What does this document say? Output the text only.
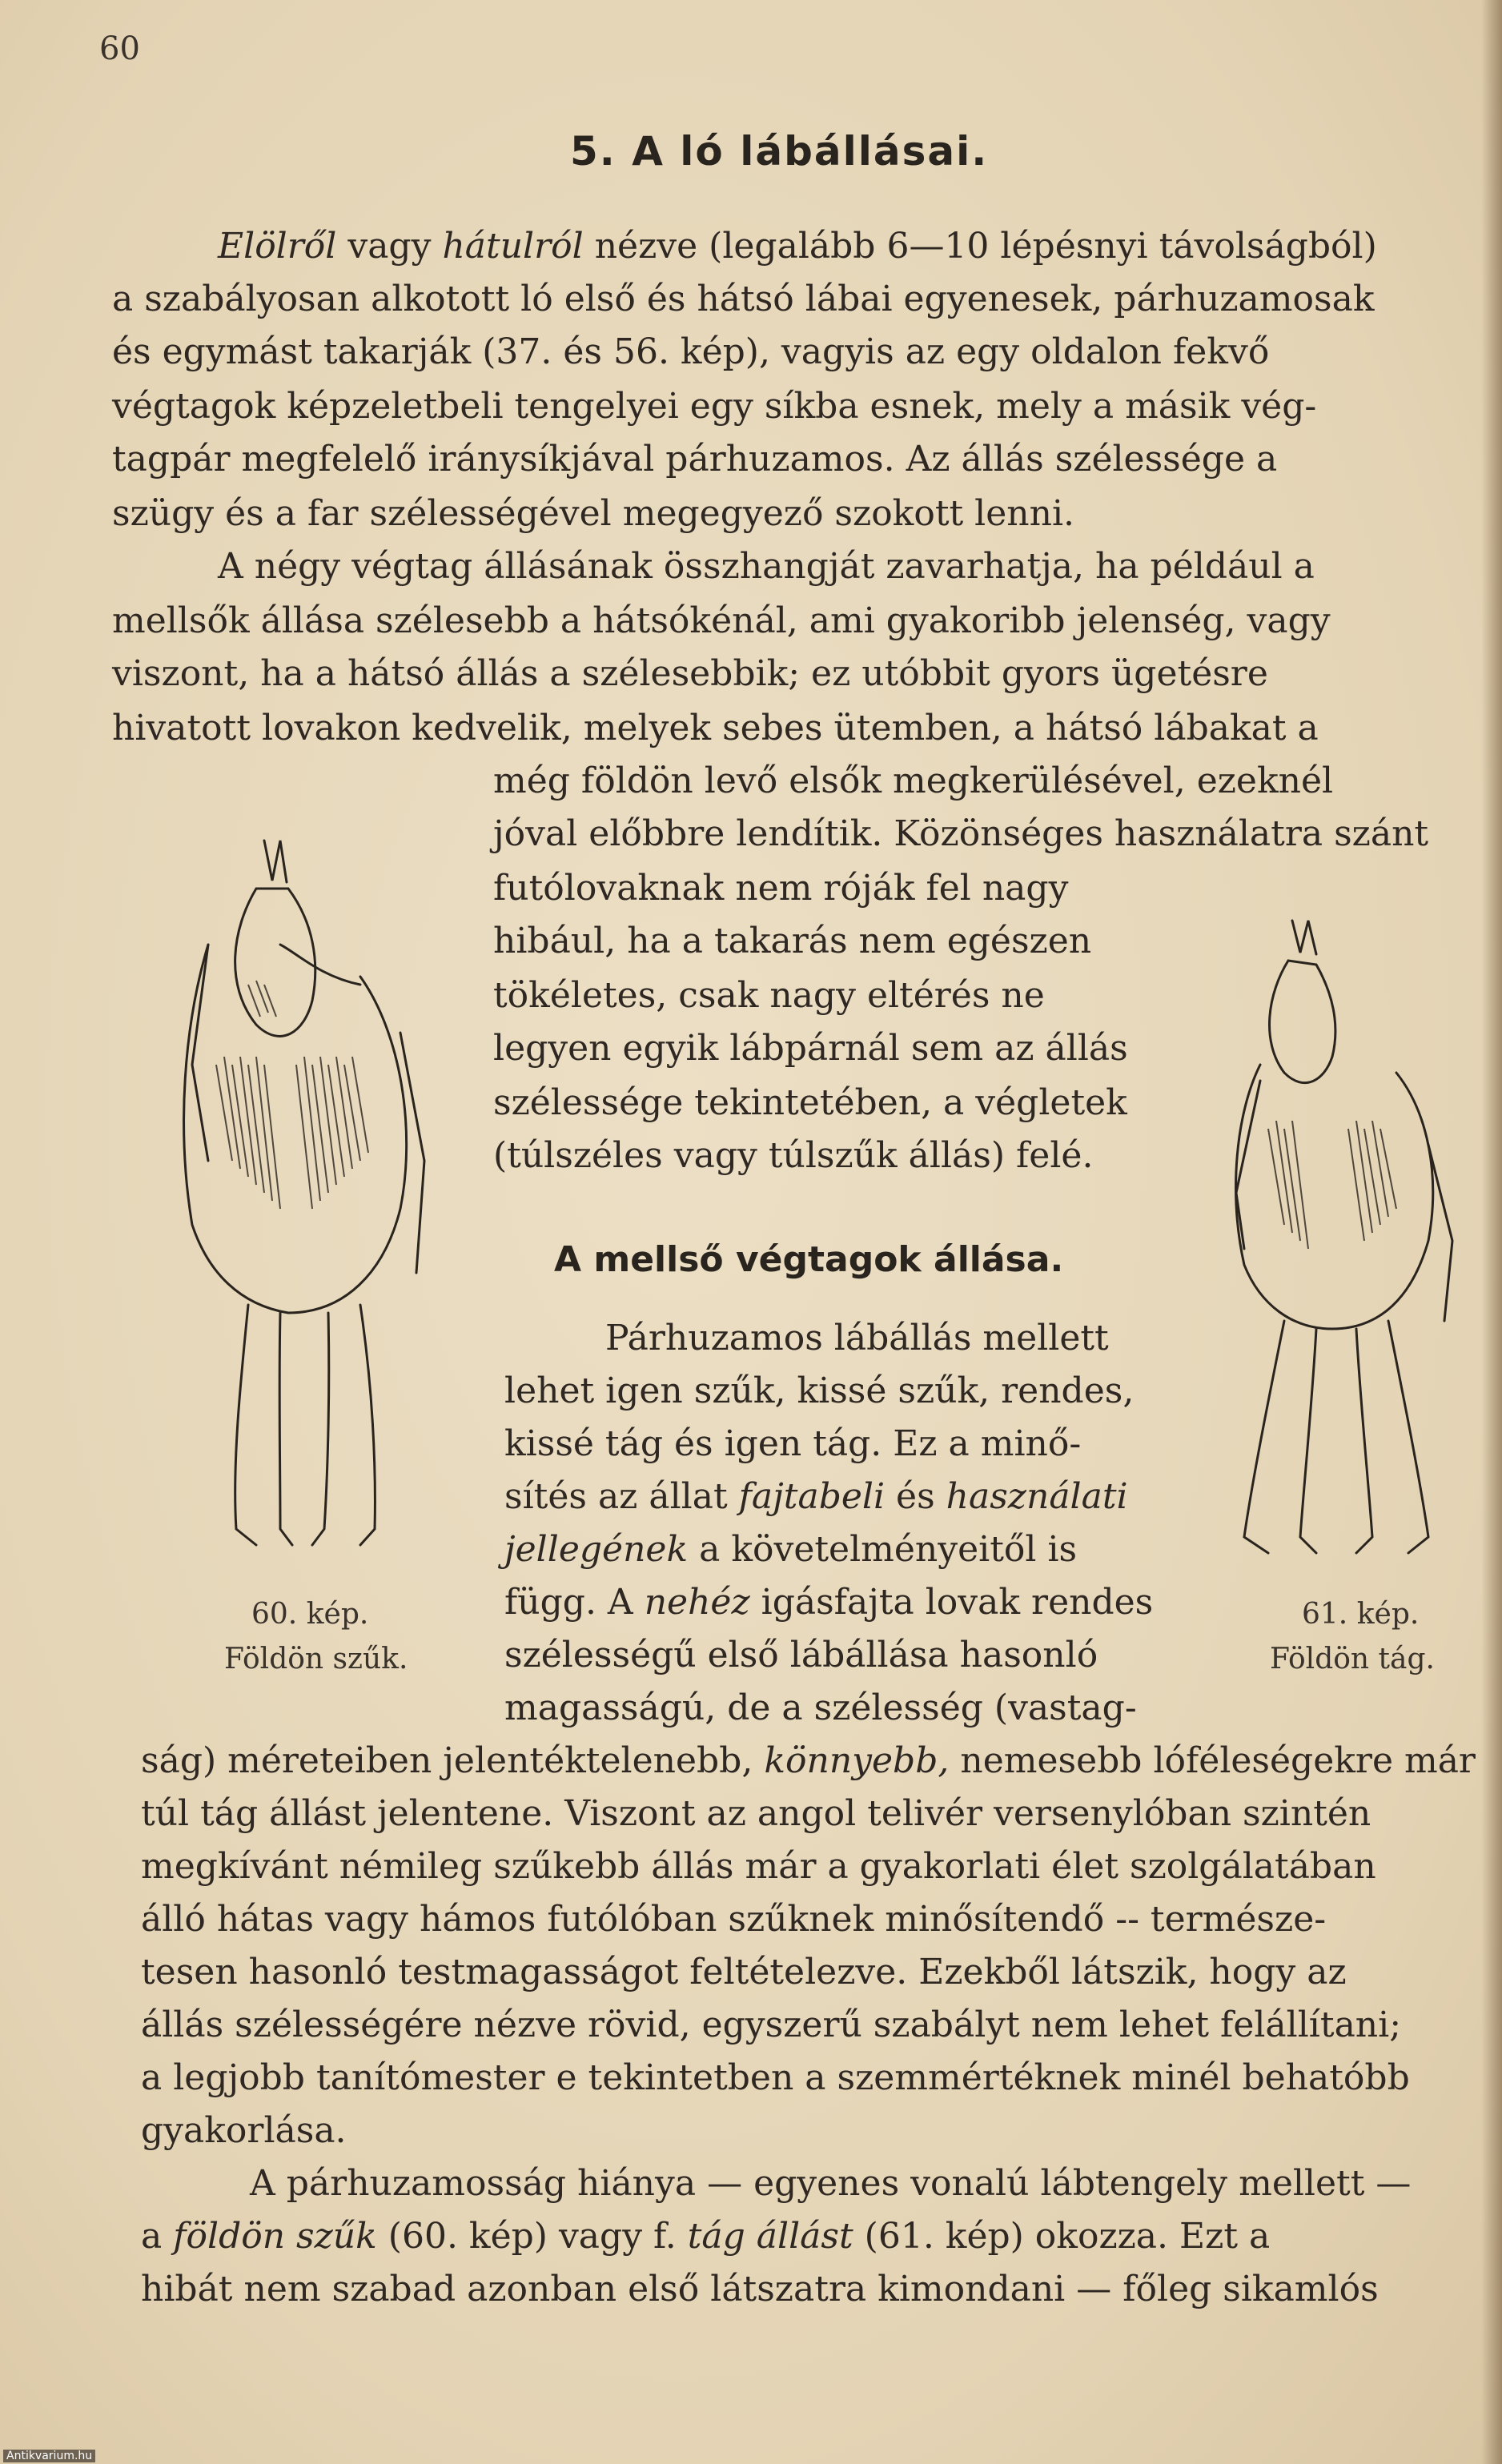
60
5. A ló lábállásai.
Elölről vagy hátulról nézve (legalább 6—10 lépésnyi távolságból)
a szabályosan alkotott ló első és hátsó lábai egyenesek, párhuzamosak
és egymást takarják (37. és 56. kép), vagyis az egy oldalon fekvő
végtagok képzeletbeli tengelyei egy síkba esnek, mely a másik vég-
tagpár megfelelő iránysíkjával párhuzamos. Az állás szélessége a
szügy és a far szélességével megegyező szokott lenni.
A négy végtag állásának összhangját zavarhatja, ha például a
mellsők állása szélesebb a hátsókénál, ami gyakoribb jelenség, vagy
viszont, ha a hátsó állás a szélesebbik; ez utóbbit gyors ügetésre
hivatott lovakon kedvelik, melyek sebes ütemben, a hátsó lábakat a
még földön levő elsők megkerülésével, ezeknél
jóval előbbre lendítik. Közönséges használatra szánt
futólovaknak nem róják fel nagy
hibául, ha a takarás nem egészen
tökéletes, csak nagy eltérés ne
legyen egyik lábpárnál sem az állás
szélessége tekintetében, a végletek
(túlszéles vagy túlszűk állás) felé.
A mellső végtagok állása.
Párhuzamos lábállás mellett
lehet igen szűk, kissé szűk, rendes,
kissé tág és igen tág. Ez a minő-
sítés az állat fajtabeli és használati
jellegének a követelményeitől is
függ. A nehéz igásfajta lovak rendes
szélességű első lábállása hasonló
magasságú, de a szélesség (vastag-
ság) méreteiben jelentéktelenebb, könnyebb, nemesebb lóféleségekre már
túl tág állást jelentene. Viszont az angol telivér versenylóban szintén
megkívánt némileg szűkebb állás már a gyakorlati élet szolgálatában
álló hátas vagy hámos futólóban szűknek minősítendő -- természe-
tesen hasonló testmagasságot feltételezve. Ezekből látszik, hogy az
állás szélességére nézve rövid, egyszerű szabályt nem lehet felállítani;
a legjobb tanítómester e tekintetben a szemmértéknek minél behatóbb
gyakorlása.
A párhuzamosság hiánya — egyenes vonalú lábtengely mellett —
a földön szűk (60. kép) vagy f. tág állást (61. kép) okozza. Ezt a
hibát nem szabad azonban első látszatra kimondani — főleg sikamlós
60. kép.
Földön szűk.
61. kép.
Földön tág.
Antikvarium.hu
